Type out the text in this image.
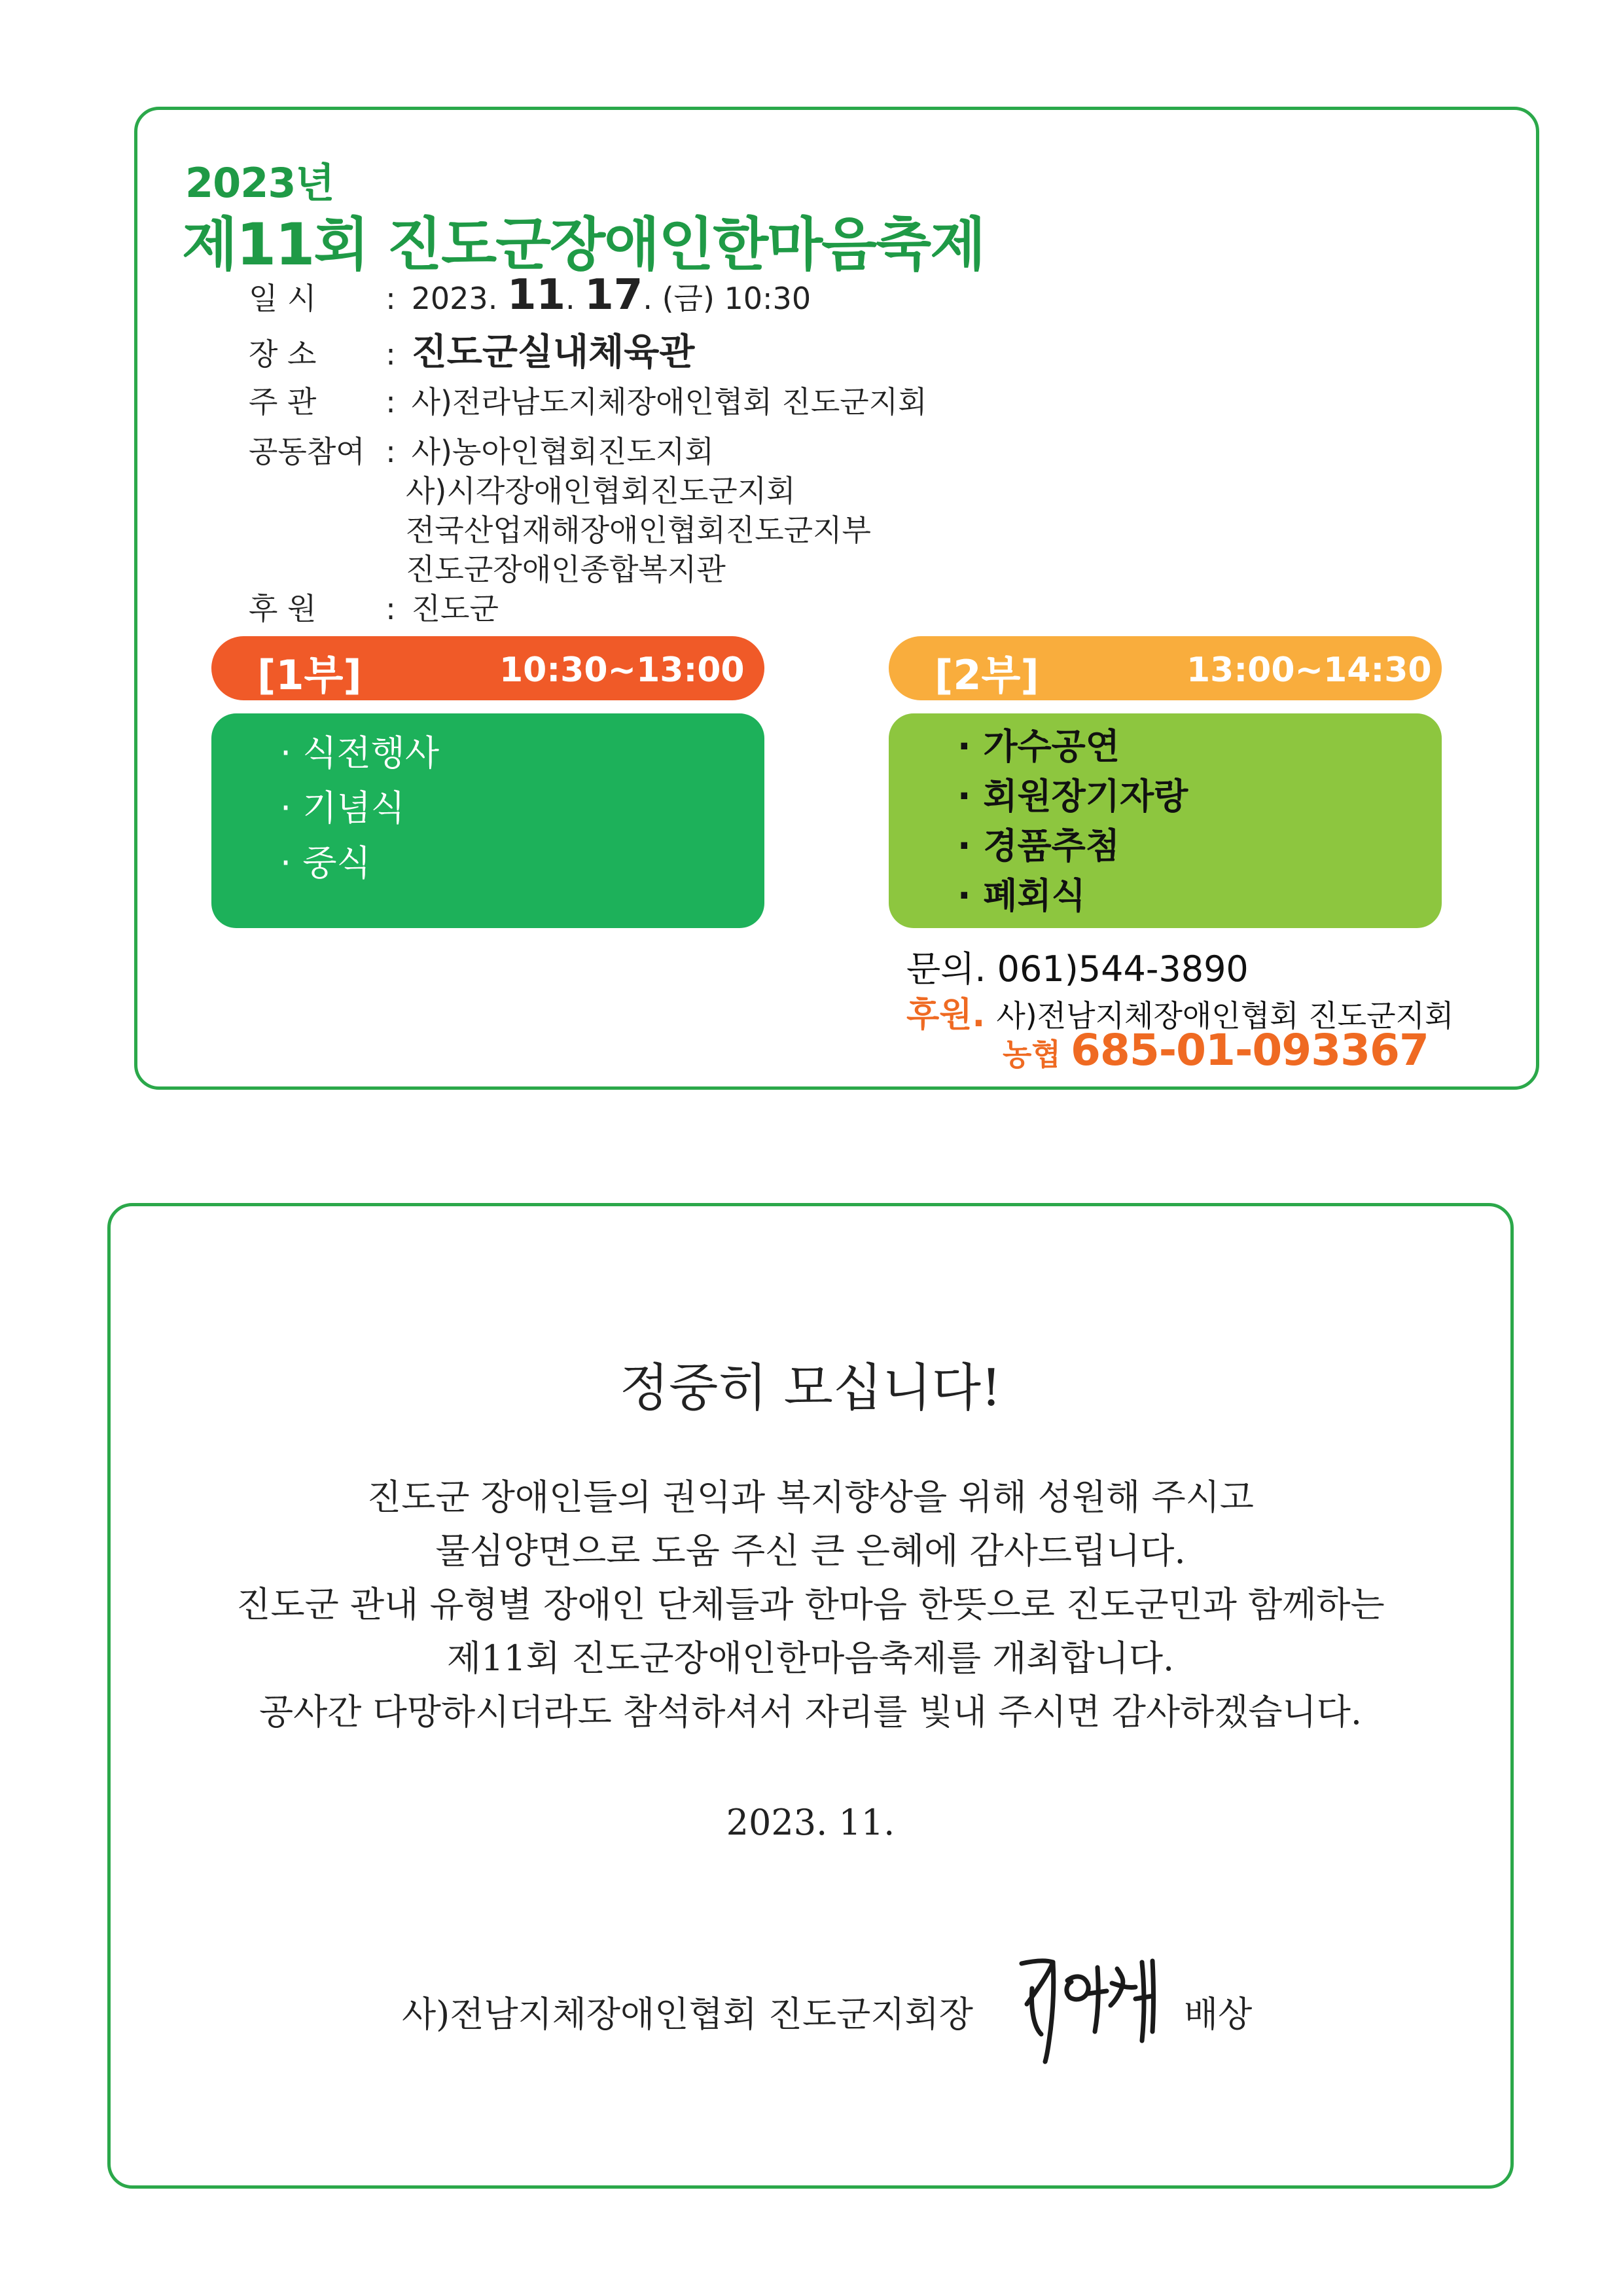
2023년
제11회 진도군장애인한마음축제
일 시 : 2023. 11. 17. (금) 10:30
장 소 : 진도군실내체육관
주 관 : 사)전라남도지체장애인협회 진도군지회
공동참여 : 사)농아인협회진도지회
사)시각장애인협회진도군지회
전국산업재해장애인협회진도군지부
진도군장애인종합복지관
후 원 : 진도군
[1부]	10:30~13:00
· 식전행사
· 기념식
· 중식
[2부]	13:00~14:30
· 가수공연
· 회원장기자랑
· 경품추첨
· 폐회식
문의. 061)544-3890
후원. 사)전남지체장애인협회 진도군지회
농협 685-01-093367
정중히 모십니다!
진도군 장애인들의 권익과 복지향상을 위해 성원해 주시고
물심양면으로 도움 주신 큰 은혜에 감사드립니다.
진도군 관내 유형별 장애인 단체들과 한마음 한뜻으로 진도군민과 함께하는
제11회 진도군장애인한마음축제를 개최합니다.
공사간 다망하시더라도 참석하셔서 자리를 빛내 주시면 감사하겠습니다.
2023. 11.
사)전남지체장애인협회 진도군지회장	배상
